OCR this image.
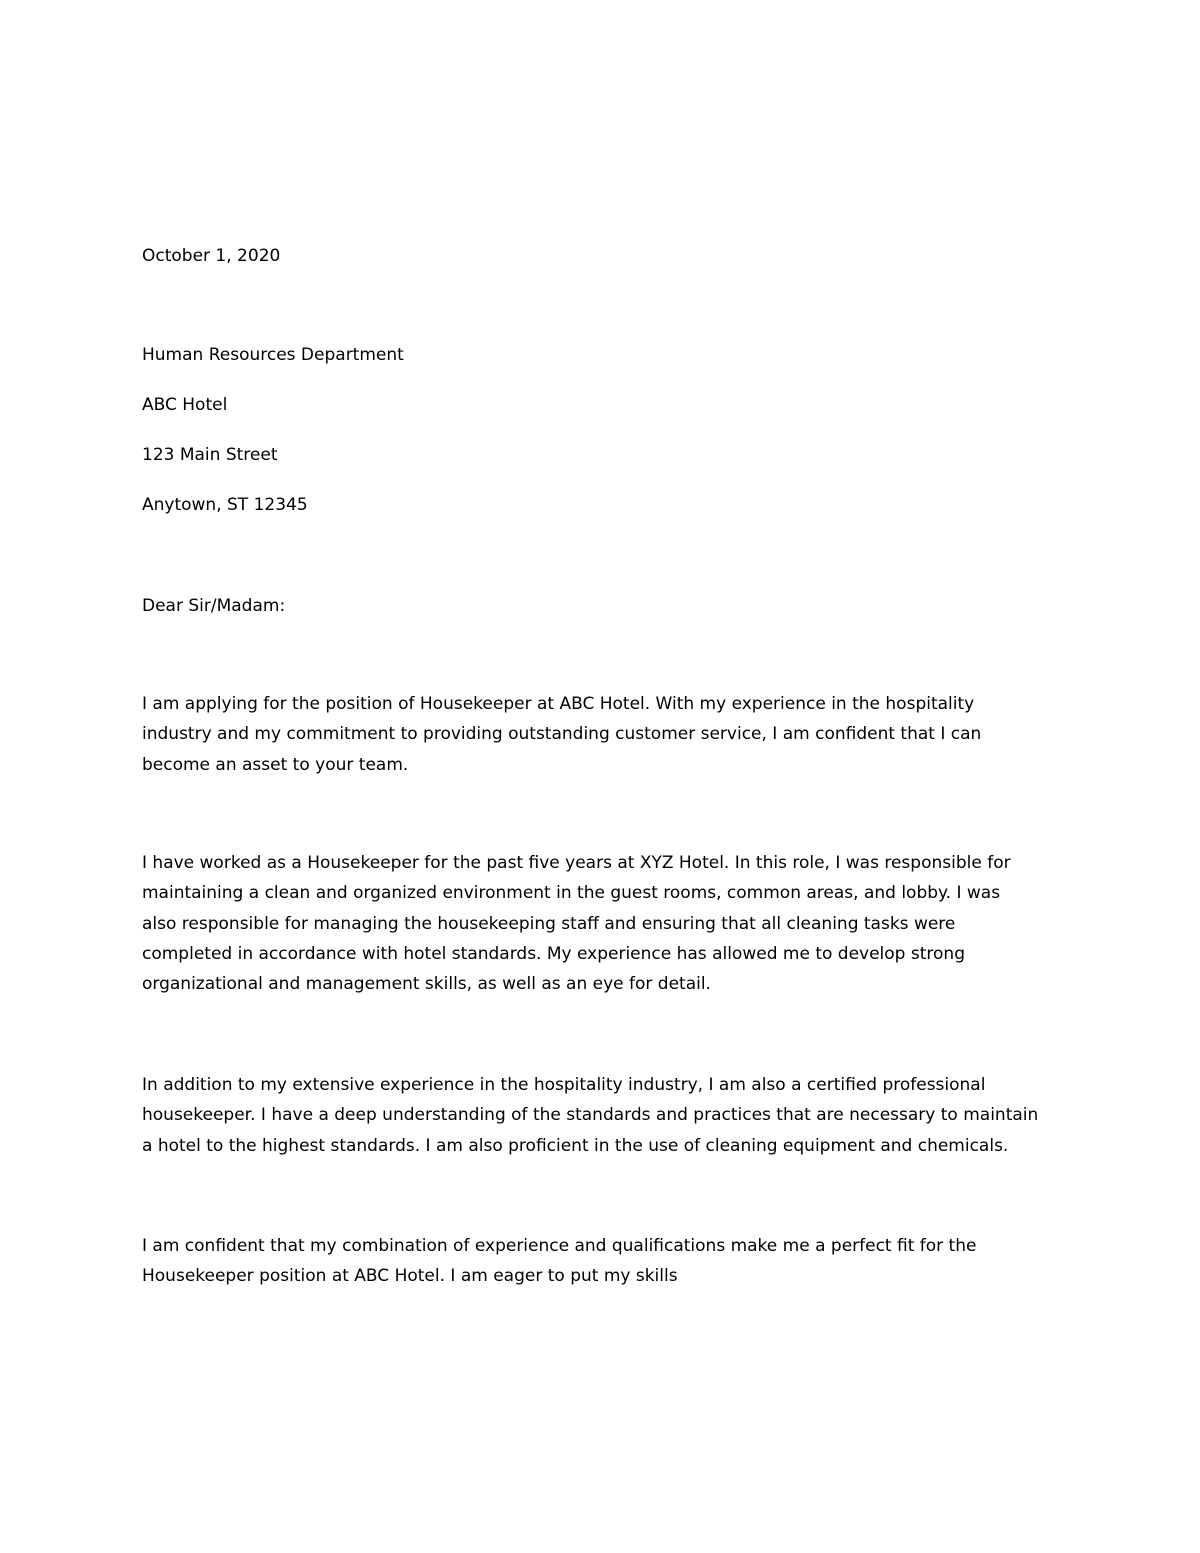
October 1, 2020
Human Resources Department
ABC Hotel
123 Main Street
Anytown, ST 12345
Dear Sir/Madam:

I am applying for the position of Housekeeper at ABC Hotel. With my experience in the hospitality

industry and my commitment to providing outstanding customer service, I am confident that I can

become an asset to your team.

I have worked as a Housekeeper for the past five years at XYZ Hotel. In this role, I was responsible for

maintaining a clean and organized environment in the guest rooms, common areas, and lobby. I was

also responsible for managing the housekeeping staff and ensuring that all cleaning tasks were

completed in accordance with hotel standards. My experience has allowed me to develop strong

organizational and management skills, as well as an eye for detail.

In addition to my extensive experience in the hospitality industry, I am also a certified professional

housekeeper. I have a deep understanding of the standards and practices that are necessary to maintain

a hotel to the highest standards. I am also proficient in the use of cleaning equipment and chemicals.

I am confident that my combination of experience and qualifications make me a perfect fit for the

Housekeeper position at ABC Hotel. I am eager to put my skills
